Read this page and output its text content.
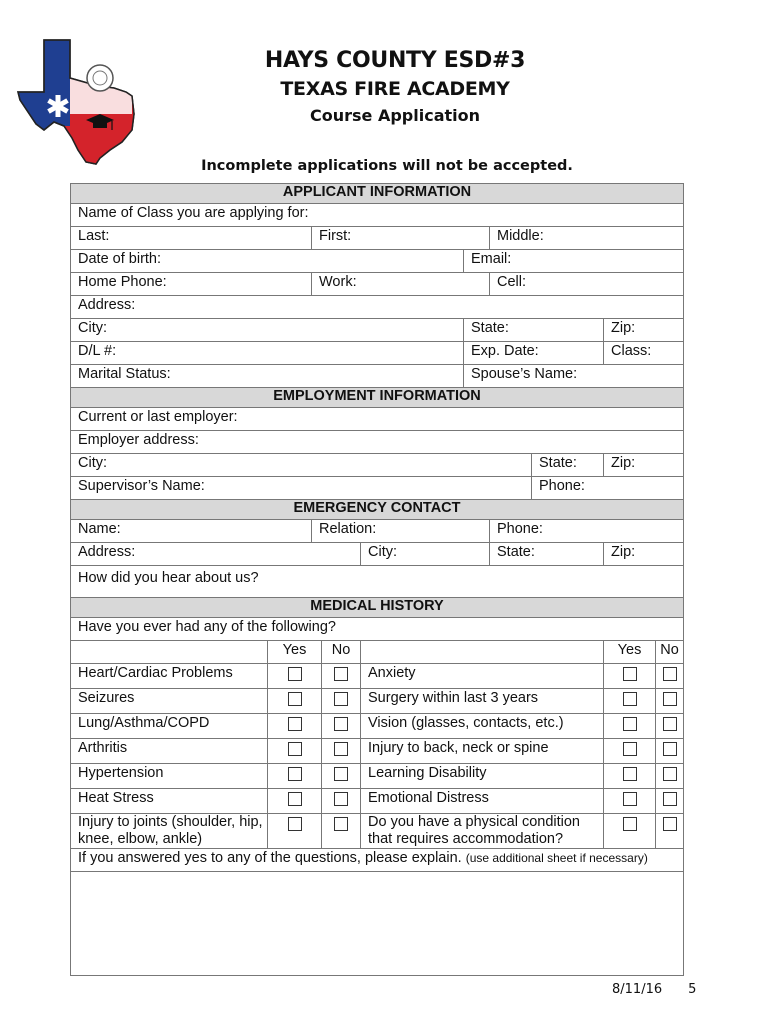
HAYS COUNTY ESD#3
TEXAS FIRE ACADEMY
Course Application
Incomplete applications will not be accepted.
APPLICANT INFORMATION									
Name of Class you are applying for:									
Last:		First:				Middle:			
Date of birth:					Email:				
Home Phone:		Work:				Cell:			
Address:									
City:					State:			Zip:	
D/L #:					Exp. Date:			Class:	
Marital Status:					Spouse’s Name:				
EMPLOYMENT INFORMATION									
Current or last employer:									
Employer address:									
City:							State:	Zip:	
Supervisor’s Name:							Phone:		
EMERGENCY CONTACT									
Name:		Relation:				Phone:			
Address:				City:		State:		Zip:	
How did you hear about us?									
MEDICAL HISTORY									
Have you ever had any of the following?									
	Yes		No					Yes	No
Heart/Cardiac Problems				Anxiety					
Seizures				Surgery within last 3 years					
Lung/Asthma/COPD				Vision (glasses, contacts, etc.)					
Arthritis				Injury to back, neck or spine					
Hypertension				Learning Disability					
Heat Stress				Emotional Distress					
Injury to joints (shoulder, hip, knee, elbow, ankle)				Do you have a physical condition that requires accommodation?					
If you answered yes to any of the questions, please explain. (use additional sheet if necessary)									

8/11/16 5
